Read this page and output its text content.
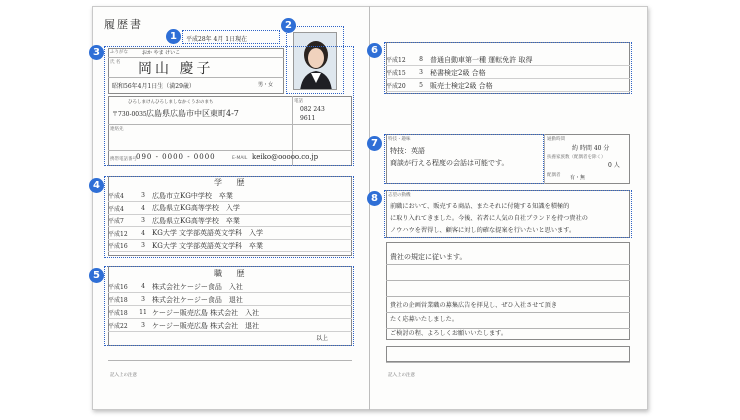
履歴書
平成28年 4月 1日現在
1
2
ふりがな	おか やま けいこ
氏 名 岡山 慶子
昭和56年4月1日生（満29歳）	男・女
ひろしまけんひろしましなかくうおのまち
〒730-0035 広島県広島市中区東町4-7
電話
082 243 9611
連絡先
携帯電話番号 090 - 0000 - 0000	E-MAIL keiko@ooooo.co.jp
3
学 歴
平成4	3	広島市立KG中学校　卒業
平成4	4	広島県立KG高等学校　入学
平成7	3	広島県立KG高等学校　卒業
平成12	4	KG大学 文学部英語英文学科　入学
平成16	3	KG大学 文学部英語英文学科　卒業
4
職 歴
平成16	4	株式会社ケージー食品　入社
平成18	3	株式会社ケージー食品　退社
平成18	11 ケージー販売広島 株式会社　入社
平成22	3	ケージー販売広島 株式会社　退社
以上
5
記入上の注意
平成12	8	普通自動車第一種 運転免許 取得
平成15	3	秘書検定2級 合格
平成20	5	販売士検定2級 合格
6
特技・趣味
特技：英語
商談が行える程度の会話は可能です。
通勤時間
約 時間 40 分
扶養家族数（配偶者を除く）
0 人
配偶者 有・無
7
志望の動機
前職において、販売する商品、またそれに付随する知識を積極的
に取り入れてきました。今後、若者に人気の自社ブランドを持つ貴社の
ノウハウを習得し、顧客に対し的確な提案を行いたいと思います。
8
貴社の規定に従います。
貴社の企画営業職の募集広告を拝見し、ぜひ入社させて頂き
たく応募いたしました。
ご検討の程、よろしくお願いいたします。
記入上の注意
